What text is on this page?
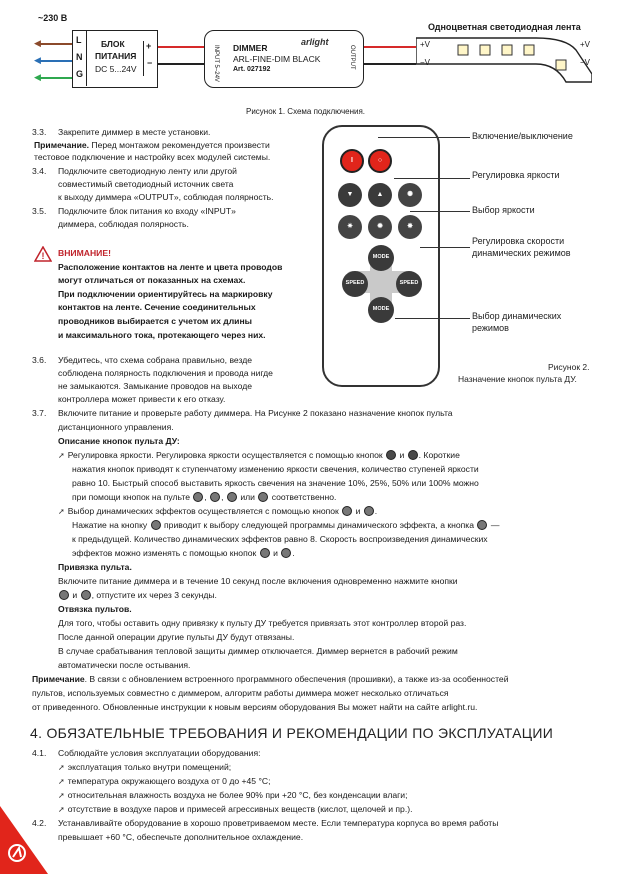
~230 В
◀
◀
◀
L
N
G
БЛОК
ПИТАНИЯ
DC 5...24V
+
−	INPUT 5–24V DIMMER
ARL-FINE-DIM BLACK
Art. 027192
arlight
OUTPUT
Одноцветная светодиодная лента
+V
−V
+V
−V
Рисунок 1. Схема подключения.
I	○
▼	▲	✺
✷	✹	✸
MODE
SPEED	SPEED
MODE
Включение/выключение
Регулировка яркости
Выбор яркости
Регулировка скорости
динамических режимов
Выбор динамических
режимов
Рисунок 2.
Назначение кнопок пульта ДУ.
3.3. Закрепите диммер в месте установки.
Примечание. Перед монтажом рекомендуется произвести
тестовое подключение и настройку всех модулей системы.
3.4. Подключите светодиодную ленту или другой
совместимый светодиодный источник света
к выходу диммера «OUTPUT», соблюдая полярность.
3.5. Подключите блок питания ко входу «INPUT»
диммера, соблюдая полярность.
! ВНИМАНИЕ!
Расположение контактов на ленте и цвета проводов
могут отличаться от показанных на схемах.
При подключении ориентируйтесь на маркировку
контактов на ленте. Сечение соединительных
проводников выбирается с учетом их длины
и максимального тока, протекающего через них.
3.6. Убедитесь, что схема собрана правильно, везде
соблюдена полярность подключения и провода нигде
не замыкаются. Замыкание проводов на выходе
контроллера может привести к его отказу.
3.7. Включите питание и проверьте работу диммера. На Рисунке 2 показано назначение кнопок пульта
дистанционного управления.
Описание кнопок пульта ДУ:
➚ Регулировка яркости. Регулировка яркости осуществляется с помощью кнопок и . Короткие
нажатия кнопок приводят к ступенчатому изменению яркости свечения, количество ступеней яркости
равно 10. Быстрый способ выставить яркость свечения на значение 10%, 25%, 50% или 100% можно
при помощи кнопок на пульте , ,  или соответственно.
➚ Выбор динамических эффектов осуществляется с помощью кнопок и .
Нажатие на кнопку приводит к выбору следующей программы динамического эффекта, а кнопка —
к предыдущей. Количество динамических эффектов равно 8. Скорость воспроизведения динамических
эффектов можно изменять с помощью кнопок и .
Привязка пульта.
Включите питание диммера и в течение 10 секунд после включения одновременно нажмите кнопки
и , отпустите их через 3 секунды.
Отвязка пультов.
Для того, чтобы оставить одну привязку к пульту ДУ требуется привязать этот контроллер второй раз.
После данной операции другие пульты ДУ будут отвязаны.
В случае срабатывания тепловой защиты диммер отключается. Диммер вернется в рабочий режим
автоматически после остывания.
Примечание. В связи с обновлением встроенного программного обеспечения (прошивки), а также из-за особенностей
пультов, используемых совместно с диммером, алгоритм работы диммера может несколько отличаться
от приведенного. Обновленные инструкции к новым версиям оборудования Вы может найти на сайте arlight.ru.
4. ОБЯЗАТЕЛЬНЫЕ ТРЕБОВАНИЯ И РЕКОМЕНДАЦИИ ПО ЭКСПЛУАТАЦИИ
4.1. Соблюдайте условия эксплуатации оборудования:
➚ эксплуатация только внутри помещений;
➚ температура окружающего воздуха от 0 до +45 °C;
➚ относительная влажность воздуха не более 90% при +20 °C, без конденсации влаги;
➚ отсутствие в воздухе паров и примесей агрессивных веществ (кислот, щелочей и пр.).
4.2. Устанавливайте оборудование в хорошо проветриваемом месте. Если температура корпуса во время работы
превышает +60 °C, обеспечьте дополнительное охлаждение.
